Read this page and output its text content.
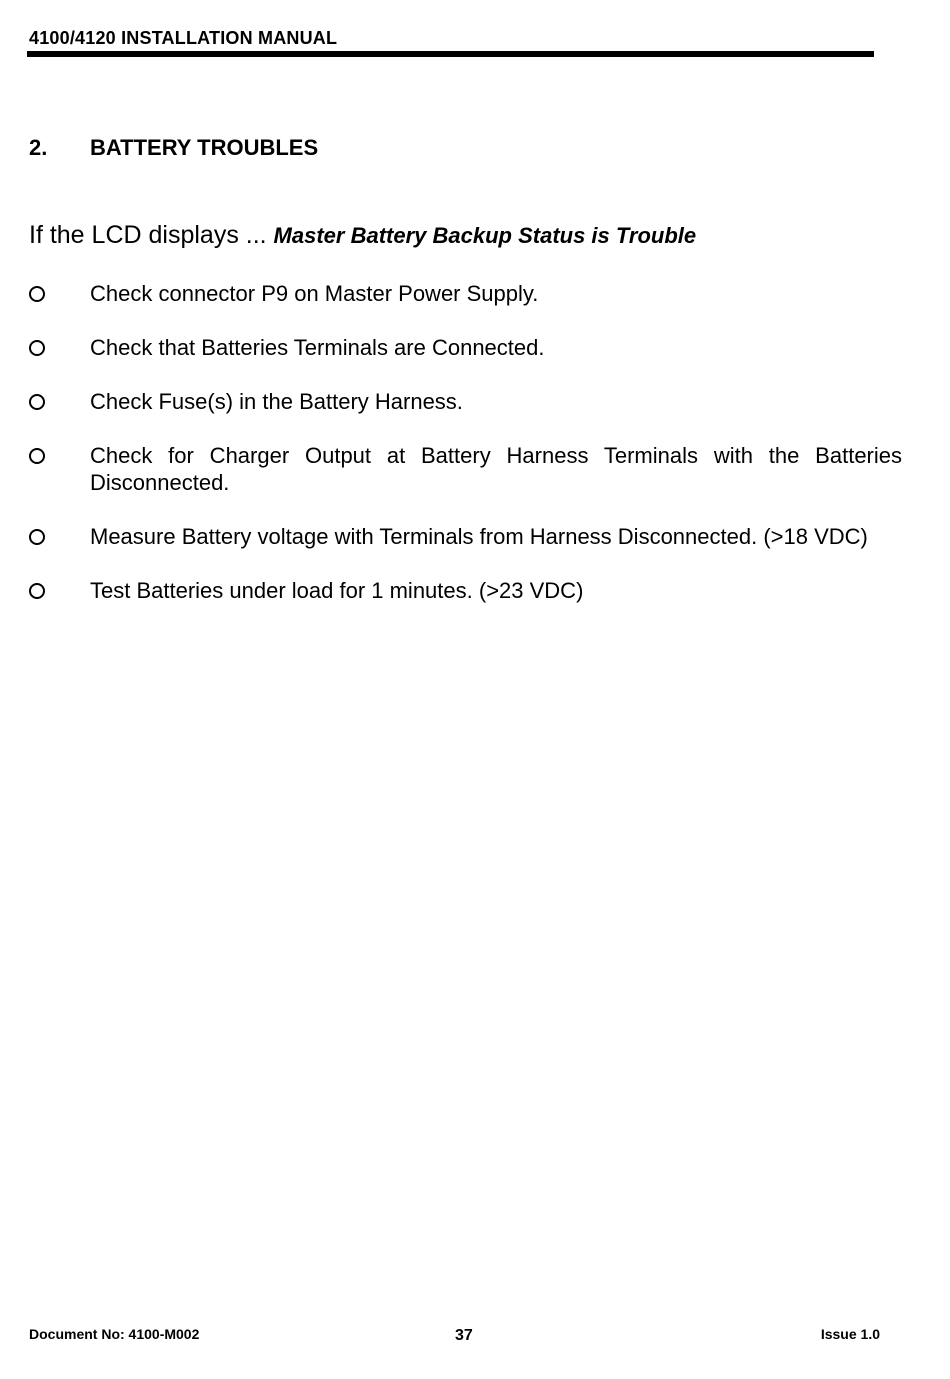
4100/4120 INSTALLATION MANUAL
2. BATTERY TROUBLES
If the LCD displays ... Master Battery Backup Status is Trouble
Check connector P9 on Master Power Supply.
Check that Batteries Terminals are Connected.
Check Fuse(s) in the Battery Harness.
Check for Charger Output at Battery Harness Terminals with the Batteries Disconnected.
Measure Battery voltage with Terminals from Harness Disconnected. (>18 VDC)
Test Batteries under load for 1 minutes. (>23 VDC)
Document No: 4100-M002	37	Issue 1.0
